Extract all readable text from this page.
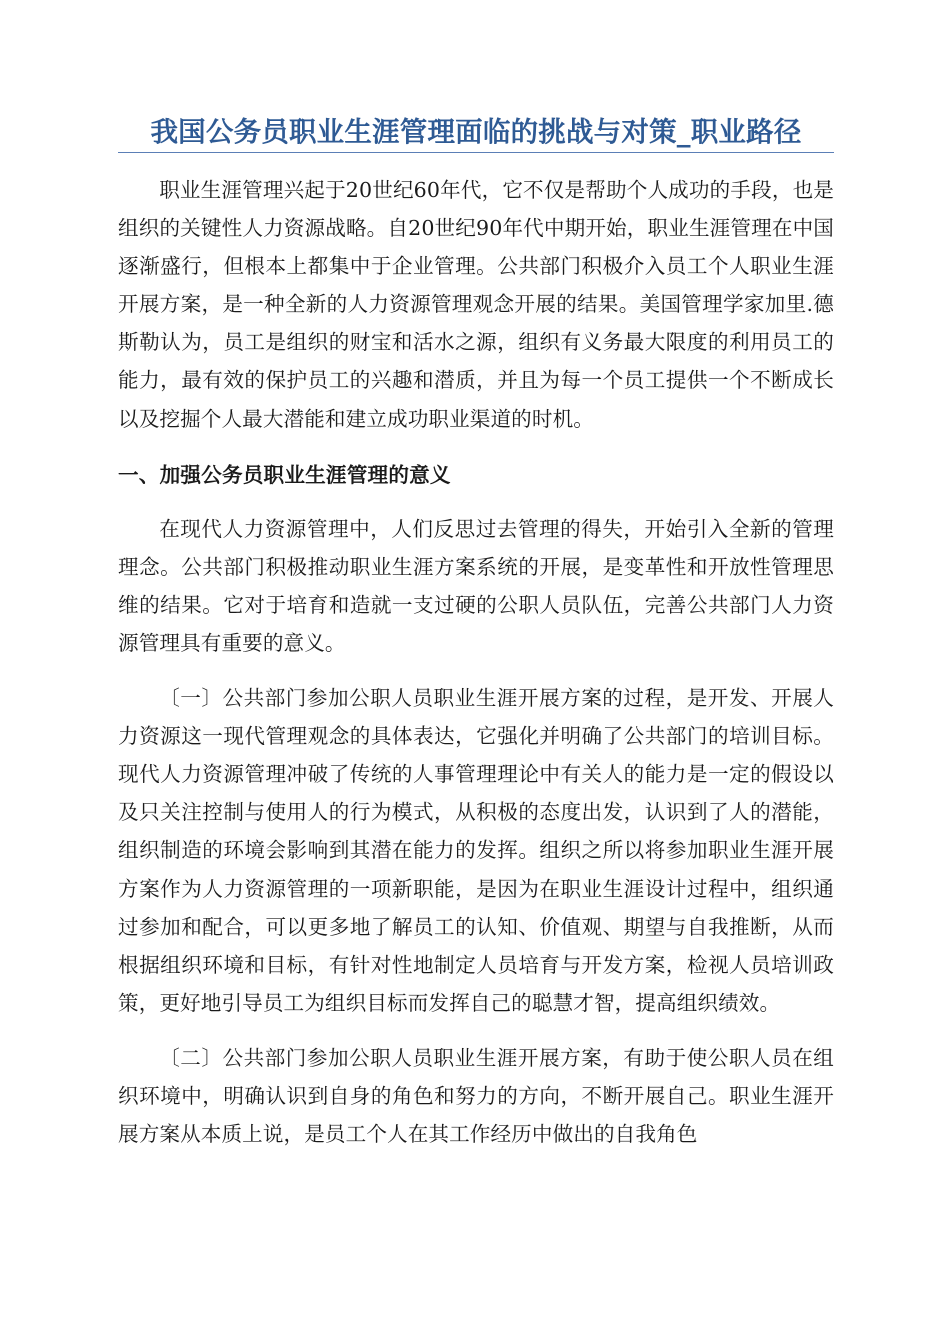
我国公务员职业生涯管理面临的挑战与对策_职业路径

职业生涯管理兴起于20世纪60年代，它不仅是帮助个人成功的手段，也是组织的关键性人力资源战略。自20世纪90年代中期开始，职业生涯管理在中国逐渐盛行，但根本上都集中于企业管理。公共部门积极介入员工个人职业生涯开展方案，是一种全新的人力资源管理观念开展的结果。美国管理学家加里.德斯勒认为，员工是组织的财宝和活水之源，组织有义务最大限度的利用员工的能力，最有效的保护员工的兴趣和潜质，并且为每一个员工提供一个不断成长以及挖掘个人最大潜能和建立成功职业渠道的时机。

一、加强公务员职业生涯管理的意义

在现代人力资源管理中，人们反思过去管理的得失，开始引入全新的管理理念。公共部门积极推动职业生涯方案系统的开展，是变革性和开放性管理思维的结果。它对于培育和造就一支过硬的公职人员队伍，完善公共部门人力资源管理具有重要的意义。

〔一〕公共部门参加公职人员职业生涯开展方案的过程，是开发、开展人力资源这一现代管理观念的具体表达，它强化并明确了公共部门的培训目标。现代人力资源管理冲破了传统的人事管理理论中有关人的能力是一定的假设以及只关注控制与使用人的行为模式，从积极的态度出发，认识到了人的潜能，组织制造的环境会影响到其潜在能力的发挥。组织之所以将参加职业生涯开展方案作为人力资源管理的一项新职能，是因为在职业生涯设计过程中，组织通过参加和配合，可以更多地了解员工的认知、价值观、期望与自我推断，从而根据组织环境和目标，有针对性地制定人员培育与开发方案，检视人员培训政策，更好地引导员工为组织目标而发挥自己的聪慧才智，提高组织绩效。

〔二〕公共部门参加公职人员职业生涯开展方案，有助于使公职人员在组织环境中，明确认识到自身的角色和努力的方向，不断开展自己。职业生涯开展方案从本质上说，是员工个人在其工作经历中做出的自我角色
